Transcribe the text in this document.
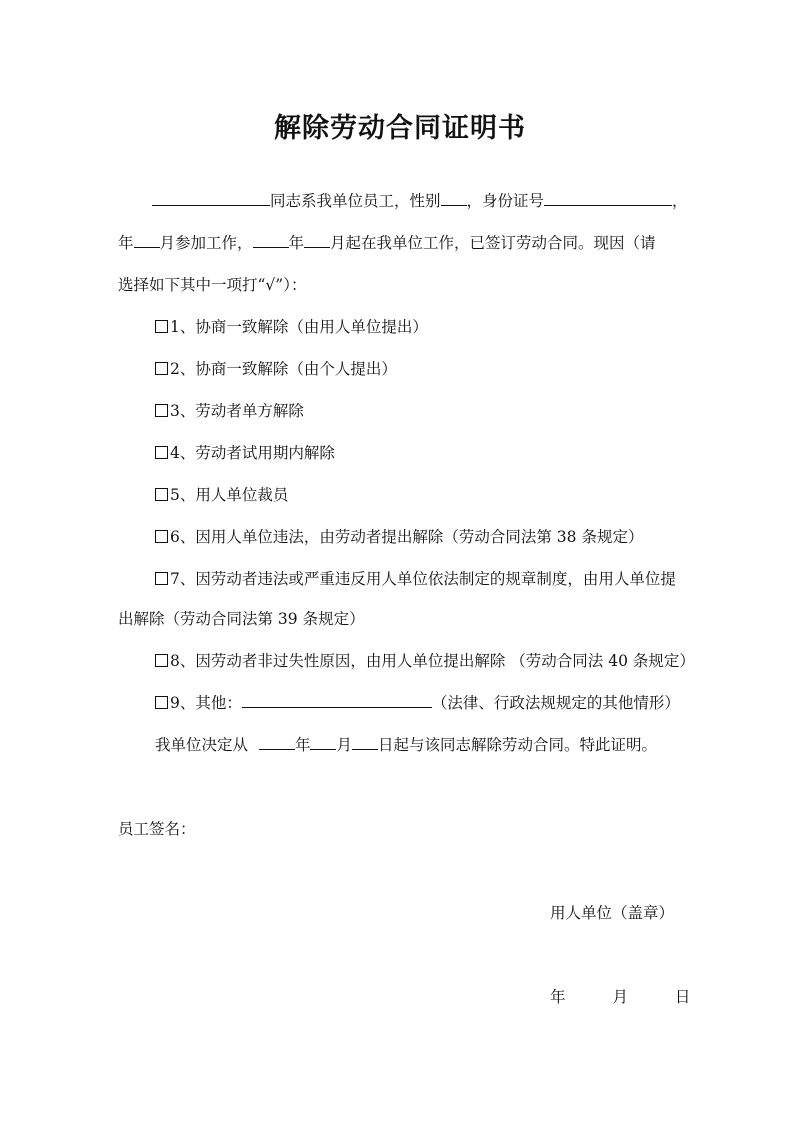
解除劳动合同证明书
同志系我单位员工，性别 ，身份证号	，
年 月参加工作， 年 月起在我单位工作，已签订劳动合同。现因（请
选择如下其中一项打“√”）：
1、协商一致解除（由用人单位提出）
2、协商一致解除（由个人提出）
3、劳动者单方解除
4、劳动者试用期内解除
5、用人单位裁员
6、因用人单位违法，由劳动者提出解除（劳动合同法第 38 条规定）
7、因劳动者违法或严重违反用人单位依法制定的规章制度，由用人单位提
出解除（劳动合同法第 39 条规定）
8、因劳动者非过失性原因，由用人单位提出解除 （劳动合同法 40 条规定）
9、其他：	（法律、行政法规规定的其他情形）
我单位决定从	年 月 日起与该同志解除劳动合同。特此证明。
员工签名：
用人单位（盖章）
年	月	日
